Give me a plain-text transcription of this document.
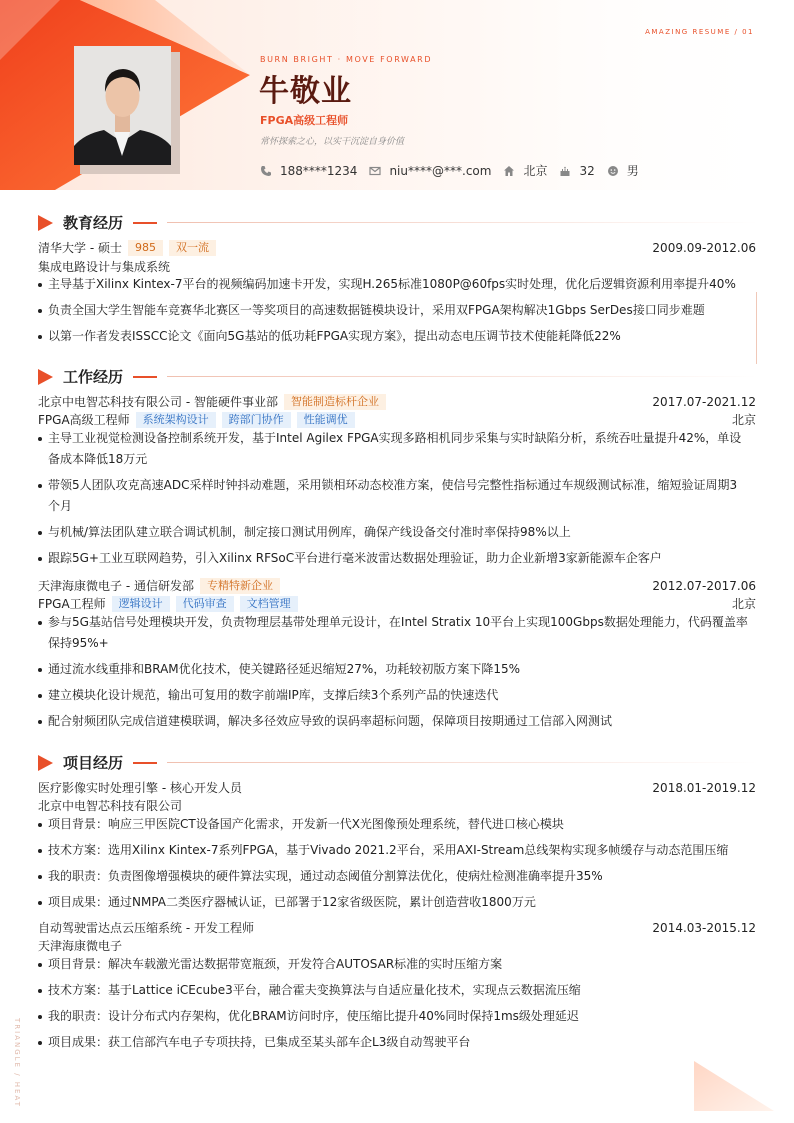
AMAZING RESUME / 01
TRIANGLE / HEAT
BURN BRIGHT · MOVE FORWARD
牛敬业
FPGA高级工程师
常怀探索之心，以实干沉淀自身价值
188****1234	niu****@***.com	北京	32	男
教育经历
清华大学 - 硕士	985	双一流	2009.09-2012.06
集成电路设计与集成系统
主导基于Xilinx Kintex-7平台的视频编码加速卡开发，实现H.265标准1080P@60fps实时处理，优化后逻辑资源利用率提升40%
负责全国大学生智能车竞赛华北赛区一等奖项目的高速数据链模块设计，采用双FPGA架构解决1Gbps SerDes接口同步难题
以第一作者发表ISSCC论文《面向5G基站的低功耗FPGA实现方案》，提出动态电压调节技术使能耗降低22%
工作经历
北京中电智芯科技有限公司 - 智能硬件事业部	智能制造标杆企业	2017.07-2021.12
FPGA高级工程师	系统架构设计	跨部门协作	性能调优	北京
主导工业视觉检测设备控制系统开发，基于Intel Agilex FPGA实现多路相机同步采集与实时缺陷分析，系统吞吐量提升42%，单设备成本降低18万元
带领5人团队攻克高速ADC采样时钟抖动难题，采用锁相环动态校准方案，使信号完整性指标通过车规级测试标准，缩短验证周期3个月
与机械/算法团队建立联合调试机制，制定接口测试用例库，确保产线设备交付准时率保持98%以上
跟踪5G+工业互联网趋势，引入Xilinx RFSoC平台进行毫米波雷达数据处理验证，助力企业新增3家新能源车企客户
天津海康微电子 - 通信研发部	专精特新企业	2012.07-2017.06
FPGA工程师	逻辑设计	代码审查	文档管理	北京
参与5G基站信号处理模块开发，负责物理层基带处理单元设计，在Intel Stratix 10平台上实现100Gbps数据处理能力，代码覆盖率保持95%+
通过流水线重排和BRAM优化技术，使关键路径延迟缩短27%，功耗较初版方案下降15%
建立模块化设计规范，输出可复用的数字前端IP库，支撑后续3个系列产品的快速迭代
配合射频团队完成信道建模联调，解决多径效应导致的误码率超标问题，保障项目按期通过工信部入网测试
项目经历
医疗影像实时处理引擎 - 核心开发人员	2018.01-2019.12
北京中电智芯科技有限公司
项目背景：响应三甲医院CT设备国产化需求，开发新一代X光图像预处理系统，替代进口核心模块
技术方案：选用Xilinx Kintex-7系列FPGA，基于Vivado 2021.2平台，采用AXI-Stream总线架构实现多帧缓存与动态范围压缩
我的职责：负责图像增强模块的硬件算法实现，通过动态阈值分割算法优化，使病灶检测准确率提升35%
项目成果：通过NMPA二类医疗器械认证，已部署于12家省级医院，累计创造营收1800万元
自动驾驶雷达点云压缩系统 - 开发工程师	2014.03-2015.12
天津海康微电子
项目背景：解决车载激光雷达数据带宽瓶颈，开发符合AUTOSAR标准的实时压缩方案
技术方案：基于Lattice iCEcube3平台，融合霍夫变换算法与自适应量化技术，实现点云数据流压缩
我的职责：设计分布式内存架构，优化BRAM访问时序，使压缩比提升40%同时保持1ms级处理延迟
项目成果：获工信部汽车电子专项扶持，已集成至某头部车企L3级自动驾驶平台
